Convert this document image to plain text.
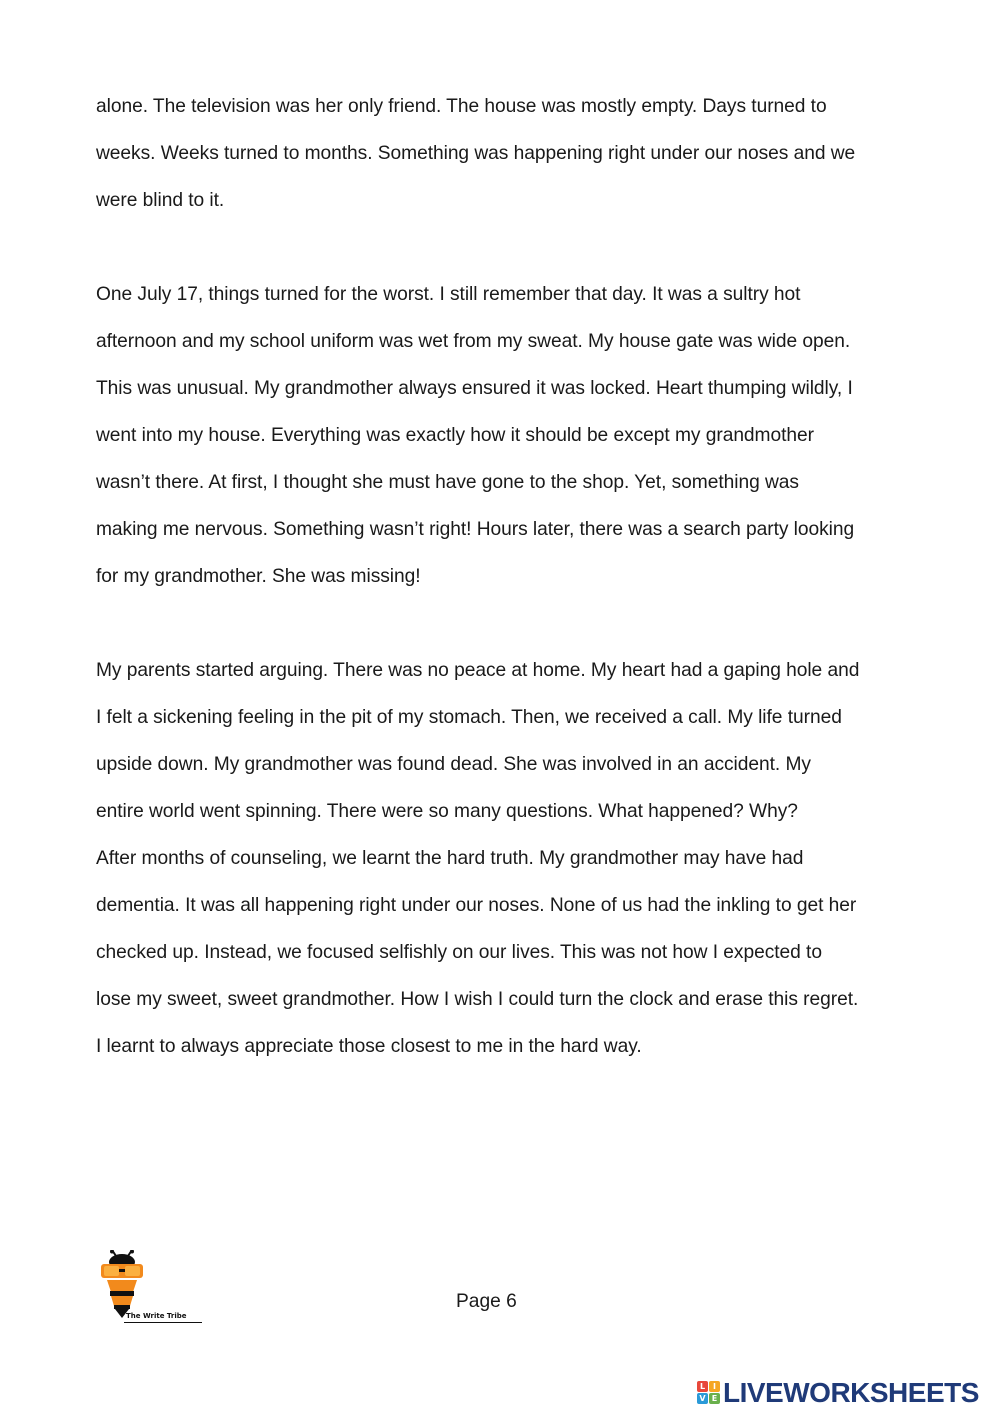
alone. The television was her only friend. The house was mostly empty. Days turned to
weeks. Weeks turned to months. Something was happening right under our noses and we
were blind to it.
One July 17, things turned for the worst. I still remember that day. It was a sultry hot
afternoon and my school uniform was wet from my sweat. My house gate was wide open.
This was unusual. My grandmother always ensured it was locked. Heart thumping wildly, I
went into my house. Everything was exactly how it should be except my grandmother
wasn’t there. At first, I thought she must have gone to the shop. Yet, something was
making me nervous. Something wasn’t right! Hours later, there was a search party looking
for my grandmother. She was missing!
My parents started arguing. There was no peace at home. My heart had a gaping hole and
I felt a sickening feeling in the pit of my stomach. Then, we received a call. My life turned
upside down. My grandmother was found dead. She was involved in an accident. My
entire world went spinning. There were so many questions. What happened? Why?
After months of counseling, we learnt the hard truth. My grandmother may have had
dementia. It was all happening right under our noses. None of us had the inkling to get her
checked up. Instead, we focused selfishly on our lives. This was not how I expected to
lose my sweet, sweet grandmother. How I wish I could turn the clock and erase this regret.
I learnt to always appreciate those closest to me in the hard way.
The Write Tribe
Page 6
L I
V E LIVEWORKSHEETS
